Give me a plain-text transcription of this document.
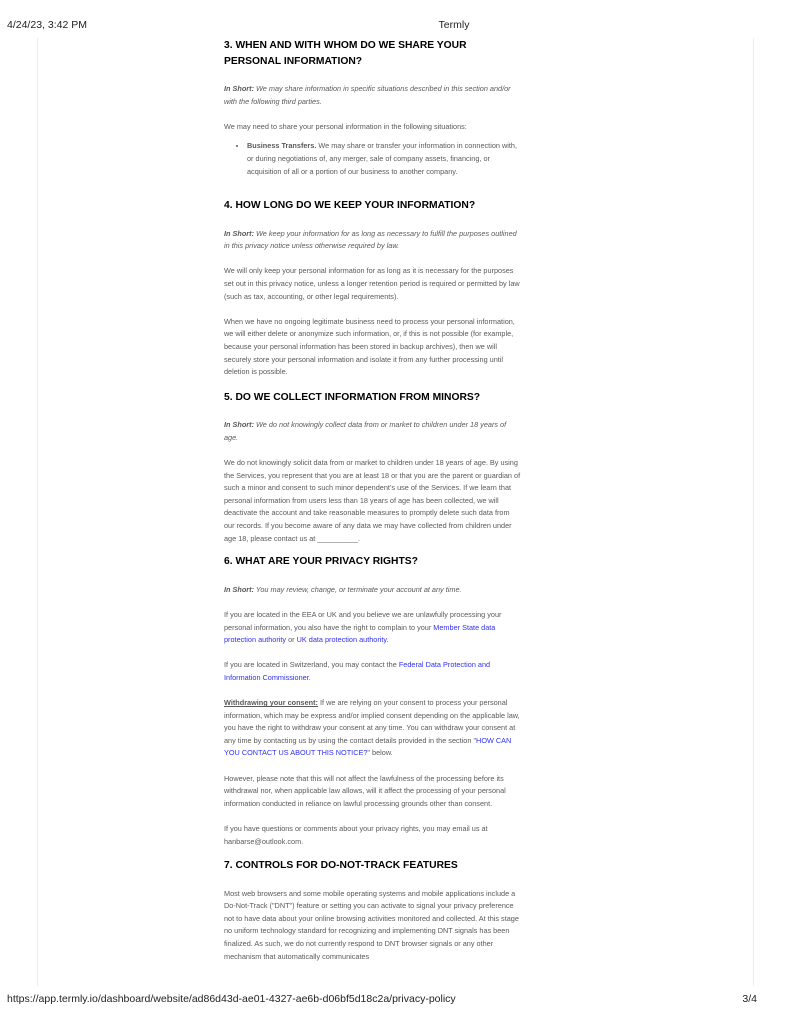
4/24/23, 3:42 PM	Termly
3. WHEN AND WITH WHOM DO WE SHARE YOUR PERSONAL INFORMATION?

In Short: We may share information in specific situations described in this section and/or with the following third parties.

We may need to share your personal information in the following situations:

• Business Transfers. We may share or transfer your information in connection with, or during negotiations of, any merger, sale of company assets, financing, or acquisition of all or a portion of our business to another company.
4. HOW LONG DO WE KEEP YOUR INFORMATION?

In Short: We keep your information for as long as necessary to fulfill the purposes outlined in this privacy notice unless otherwise required by law.

We will only keep your personal information for as long as it is necessary for the purposes set out in this privacy notice, unless a longer retention period is required or permitted by law (such as tax, accounting, or other legal requirements).

When we have no ongoing legitimate business need to process your personal information, we will either delete or anonymize such information, or, if this is not possible (for example, because your personal information has been stored in backup archives), then we will securely store your personal information and isolate it from any further processing until deletion is possible.

5. DO WE COLLECT INFORMATION FROM MINORS?

In Short: We do not knowingly collect data from or market to children under 18 years of age.

We do not knowingly solicit data from or market to children under 18 years of age. By using the Services, you represent that you are at least 18 or that you are the parent or guardian of such a minor and consent to such minor dependent’s use of the Services. If we learn that personal information from users less than 18 years of age has been collected, we will deactivate the account and take reasonable measures to promptly delete such data from our records. If you become aware of any data we may have collected from children under age 18, please contact us at __________.

6. WHAT ARE YOUR PRIVACY RIGHTS?

In Short: You may review, change, or terminate your account at any time.

If you are located in the EEA or UK and you believe we are unlawfully processing your personal information, you also have the right to complain to your Member State data protection authority or UK data protection authority.

If you are located in Switzerland, you may contact the Federal Data Protection and Information Commissioner.

Withdrawing your consent: If we are relying on your consent to process your personal information, which may be express and/or implied consent depending on the applicable law, you have the right to withdraw your consent at any time. You can withdraw your consent at any time by contacting us by using the contact details provided in the section "HOW CAN YOU CONTACT US ABOUT THIS NOTICE?" below.

However, please note that this will not affect the lawfulness of the processing before its withdrawal nor, when applicable law allows, will it affect the processing of your personal information conducted in reliance on lawful processing grounds other than consent.

If you have questions or comments about your privacy rights, you may email us at hanbarse@outlook.com.

7. CONTROLS FOR DO-NOT-TRACK FEATURES

Most web browsers and some mobile operating systems and mobile applications include a Do-Not-Track ("DNT") feature or setting you can activate to signal your privacy preference not to have data about your online browsing activities monitored and collected. At this stage no uniform technology standard for recognizing and implementing DNT signals has been finalized. As such, we do not currently respond to DNT browser signals or any other mechanism that automatically communicates

https://app.termly.io/dashboard/website/ad86d43d-ae01-4327-ae6b-d06bf5d18c2a/privacy-policy	3/4
